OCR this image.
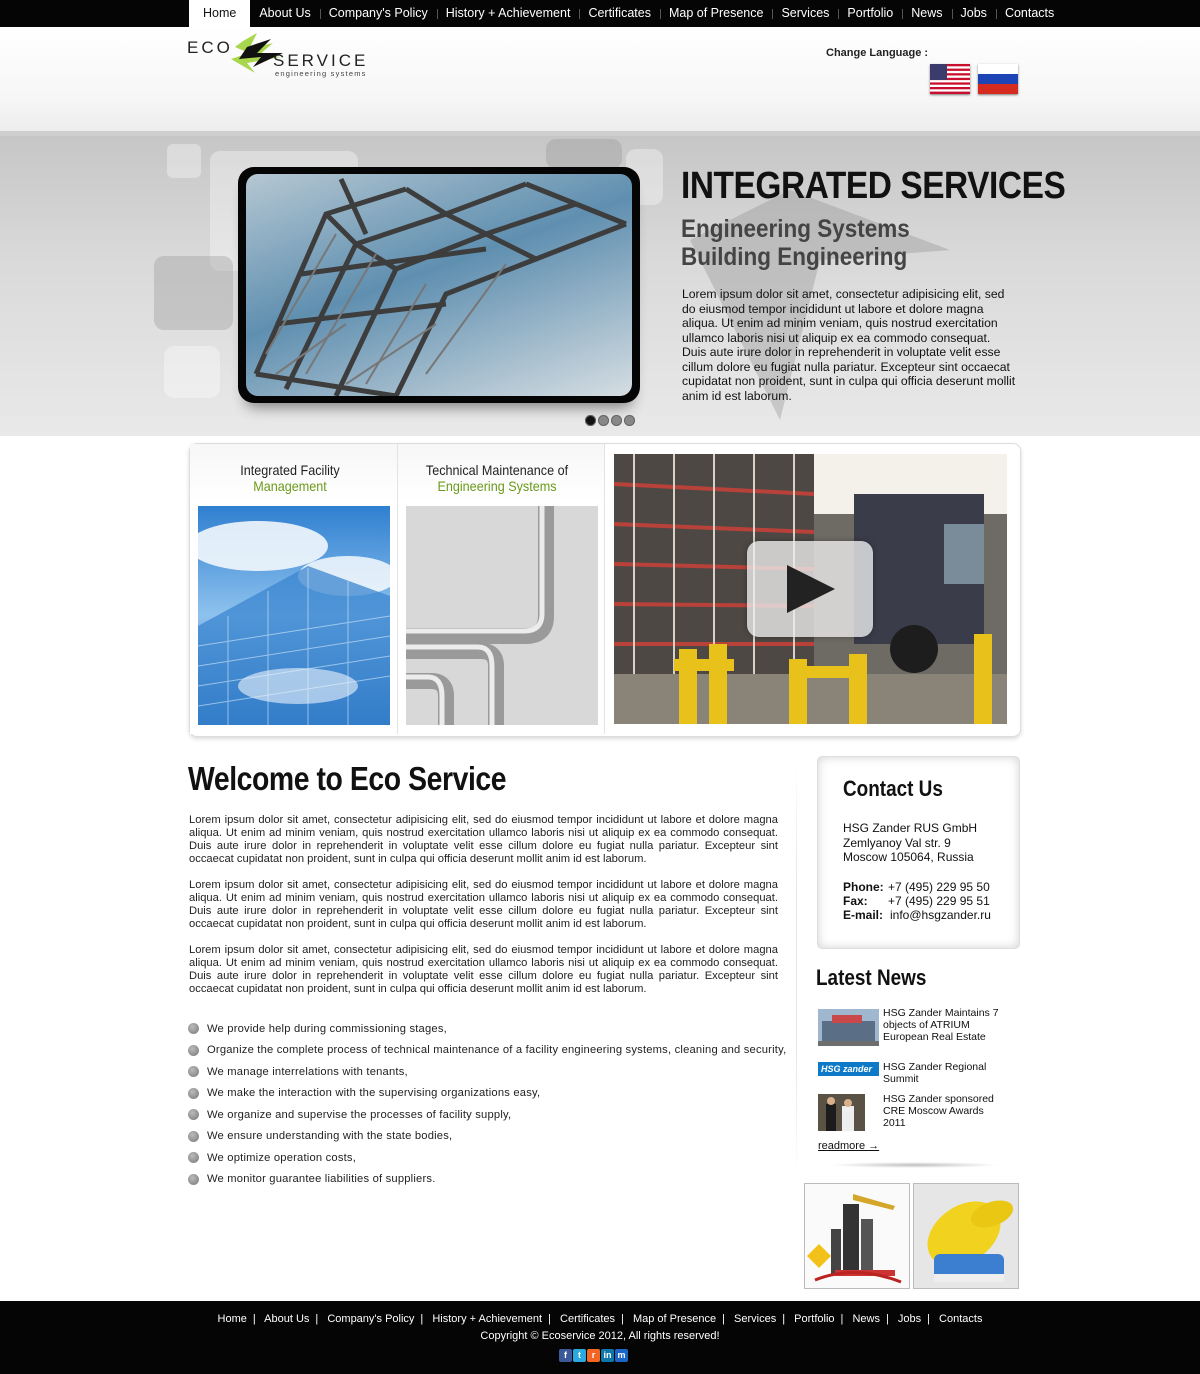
Home	About Us	Company's Policy	History + Achievement	Certificates	Map of Presence	Services	Portfolio	News	Jobs	Contacts
ECO
SERVICE
engineering systems
Change Language :
INTEGRATED SERVICES
Engineering Systems
Building Engineering
Lorem ipsum dolor sit amet, consectetur adipisicing elit, sed do eiusmod tempor incididunt ut labore et dolore magna aliqua. Ut enim ad minim veniam, quis nostrud exercitation ullamco laboris nisi ut aliquip ex ea commodo consequat. Duis aute irure dolor in reprehenderit in voluptate velit esse cillum dolore eu fugiat nulla pariatur. Excepteur sint occaecat cupidatat non proident, sunt in culpa qui officia deserunt mollit anim id est laborum.
Integrated Facility
Management
Technical Maintenance of
Engineering Systems
Welcome to Eco Service
Lorem ipsum dolor sit amet, consectetur adipisicing elit, sed do eiusmod tempor incididunt ut labore et dolore magna aliqua. Ut enim ad minim veniam, quis nostrud exercitation ullamco laboris nisi ut aliquip ex ea commodo consequat. Duis aute irure dolor in reprehenderit in voluptate velit esse cillum dolore eu fugiat nulla pariatur. Excepteur sint occaecat cupidatat non proident, sunt in culpa qui officia deserunt mollit anim id est laborum.
Lorem ipsum dolor sit amet, consectetur adipisicing elit, sed do eiusmod tempor incididunt ut labore et dolore magna aliqua. Ut enim ad minim veniam, quis nostrud exercitation ullamco laboris nisi ut aliquip ex ea commodo consequat. Duis aute irure dolor in reprehenderit in voluptate velit esse cillum dolore eu fugiat nulla pariatur. Excepteur sint occaecat cupidatat non proident, sunt in culpa qui officia deserunt mollit anim id est laborum.
Lorem ipsum dolor sit amet, consectetur adipisicing elit, sed do eiusmod tempor incididunt ut labore et dolore magna aliqua. Ut enim ad minim veniam, quis nostrud exercitation ullamco laboris nisi ut aliquip ex ea commodo consequat. Duis aute irure dolor in reprehenderit in voluptate velit esse cillum dolore eu fugiat nulla pariatur. Excepteur sint occaecat cupidatat non proident, sunt in culpa qui officia deserunt mollit anim id est laborum.
We provide help during commissioning stages,
Organize the complete process of technical maintenance of a facility engineering systems, cleaning and security,
We manage interrelations with tenants,
We make the interaction with the supervising organizations easy,
We organize and supervise the processes of facility supply,
We ensure understanding with the state bodies,
We optimize operation costs,
We monitor guarantee liabilities of suppliers.
Contact Us
HSG Zander RUS GmbH
Zemlyanoy Val str. 9
Moscow 105064, Russia
Phone: +7 (495) 229 95 50
Fax: +7 (495) 229 95 51
E-mail: info@hsgzander.ru
Latest News
HSG Zander Maintains 7 objects of ATRIUM European Real Estate
HSG zander	HSG Zander Regional Summit
HSG Zander sponsored CRE Moscow Awards 2011
readmore →
Home | About Us | Company's Policy | History + Achievement | Certificates | Map of Presence | Services | Portfolio | News | Jobs | Contacts
Copyright © Ecoservice 2012, All rights reserved!
f	t	r in m
